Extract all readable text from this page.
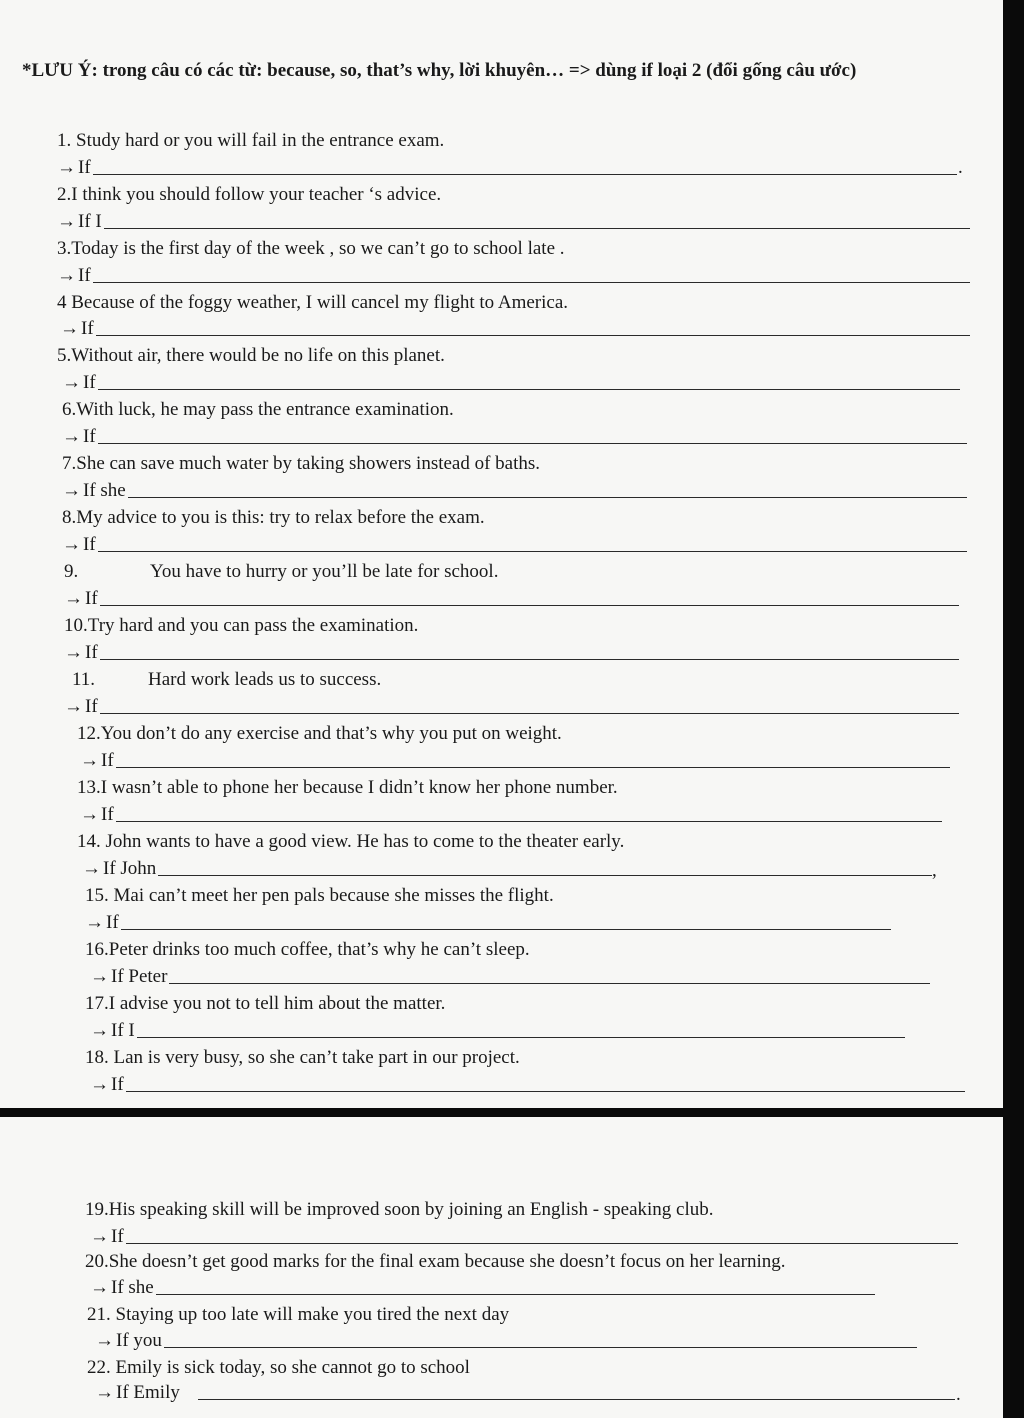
*LƯU Ý: trong câu có các từ: because, so, that’s why, lời khuyên… => dùng if loại 2 (đổi gống câu ước)

1. Study hard or you will fail in the entrance exam.

→ If	.

2.I think you should follow your teacher ‘s advice.

→ If I

3.Today is the first day of the week , so we can’t go to school late .

→ If

4 Because of the foggy weather, I will cancel my flight to America.

→ If

5.Without air, there would be no life on this planet.

→ If

6.With luck, he may pass the entrance examination.

→ If

7.She can save much water by taking showers instead of baths.

→ If she

8.My advice to you is this: try to relax before the exam.

→ If

9.	You have to hurry or you’ll be late for school.

→ If

10.Try hard and you can pass the examination.

→ If

11.	Hard work leads us to success.

→ If

12.You don’t do any exercise and that’s why you put on weight.

→ If

13.I wasn’t able to phone her because I didn’t know her phone number.

→ If

14. John wants to have a good view. He has to come to the theater early.

→ If John	,

15. Mai can’t meet her pen pals because she misses the flight.

→ If

16.Peter drinks too much coffee, that’s why he can’t sleep.

→ If Peter

17.I advise you not to tell him about the matter.

→ If I

18. Lan is very busy, so she can’t take part in our project.

→ If

19.His speaking skill will be improved soon by joining an English - speaking club.

→ If

20.She doesn’t get good marks for the final exam because she doesn’t focus on her learning.

→ If she

21. Staying up too late will make you tired the next day

→ If you

22. Emily is sick today, so she cannot go to school

→ If Emily	.
